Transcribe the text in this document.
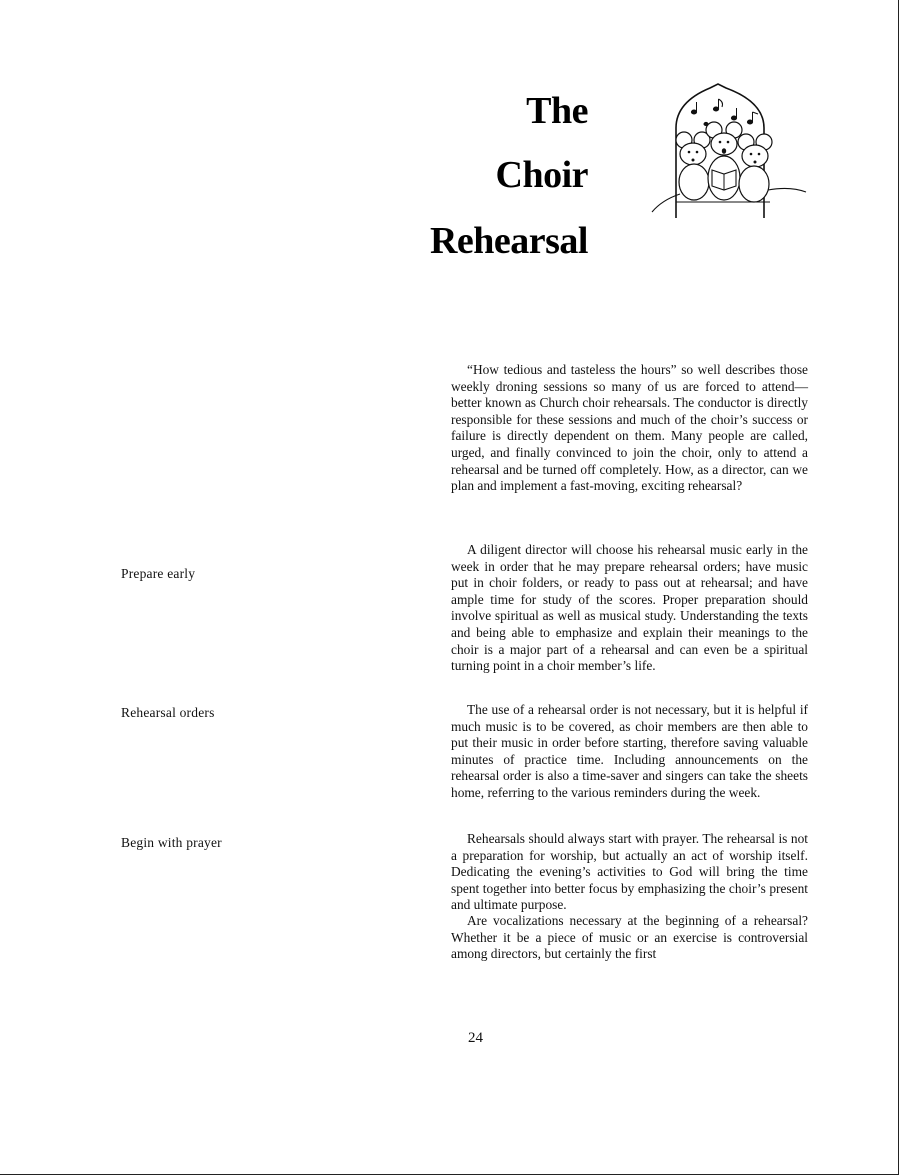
The
Choir
Rehearsal
Prepare early
Rehearsal orders
Begin with prayer

“How tedious and tasteless the hours” so well describes those weekly droning sessions so many of us are forced to attend—better known as Church choir rehearsals. The conductor is directly responsible for these sessions and much of the choir’s success or failure is directly dependent on them. Many people are called, urged, and finally convinced to join the choir, only to attend a rehearsal and be turned off completely. How, as a director, can we plan and implement a fast-moving, exciting rehearsal?

A diligent director will choose his rehearsal music early in the week in order that he may prepare rehearsal orders; have music put in choir folders, or ready to pass out at rehearsal; and have ample time for study of the scores. Proper preparation should involve spiritual as well as musical study. Understanding the texts and being able to emphasize and explain their meanings to the choir is a major part of a rehearsal and can even be a spiritual turning point in a choir member’s life.

The use of a rehearsal order is not necessary, but it is helpful if much music is to be covered, as choir members are then able to put their music in order before starting, therefore saving valuable minutes of practice time. Including announcements on the rehearsal order is also a time-saver and singers can take the sheets home, referring to the various reminders during the week.

Rehearsals should always start with prayer. The rehearsal is not a preparation for worship, but actually an act of worship itself. Dedicating the evening’s activities to God will bring the time spent together into better focus by emphasizing the choir’s present and ultimate purpose.

Are vocalizations necessary at the beginning of a rehearsal? Whether it be a piece of music or an exercise is controversial among directors, but certainly the first

24
